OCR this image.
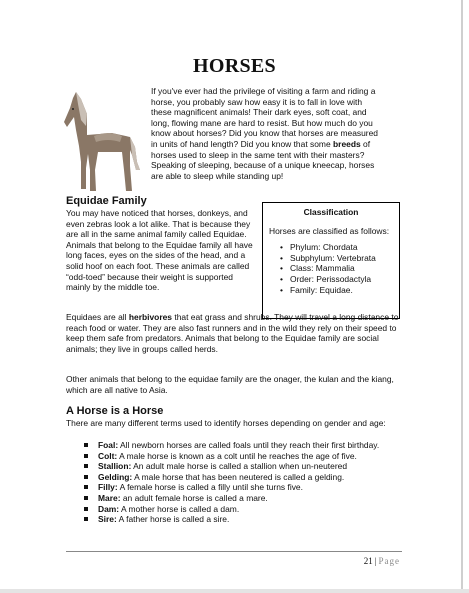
HORSES

If you've ever had the privilege of visiting a farm and riding a horse, you probably saw how easy it is to fall in love with these magnificent animals! Their dark eyes, soft coat, and long, flowing mane are hard to resist. But how much do you know about horses? Did you know that horses are measured in units of hand length? Did you know that some breeds of horses used to sleep in the same tent with their masters? Speaking of sleeping, because of a unique kneecap, horses are able to sleep while standing up!

Equidae Family

You may have noticed that horses, donkeys, and even zebras look a lot alike. That is because they are all in the same animal family called Equidae. Animals that belong to the Equidae family all have long faces, eyes on the sides of the head, and a solid hoof on each foot. These animals are called “odd-toed” because their weight is supported mainly by the middle toe.

Classification
Horses are classified as follows:
• Phylum: Chordata
• Subphylum: Vertebrata
• Class: Mammalia
• Order: Perissodactyla
• Family: Equidae.

Equidaes are all herbivores that eat grass and shrubs. They will travel a long distance to reach food or water. They are also fast runners and in the wild they rely on their speed to keep them safe from predators. Animals that belong to the Equidae family are social animals; they live in groups called herds.

Other animals that belong to the equidae family are the onager, the kulan and the kiang, which are all native to Asia.

A Horse is a Horse

There are many different terms used to identify horses depending on gender and age:

Foal: All newborn horses are called foals until they reach their first birthday.
Colt: A male horse is known as a colt until he reaches the age of five.
Stallion: An adult male horse is called a stallion when un-neutered
Gelding: A male horse that has been neutered is called a gelding.
Filly: A female horse is called a filly until she turns five.
Mare: an adult female horse is called a mare.
Dam: A mother horse is called a dam.
Sire: A father horse is called a sire.
21 | Page
